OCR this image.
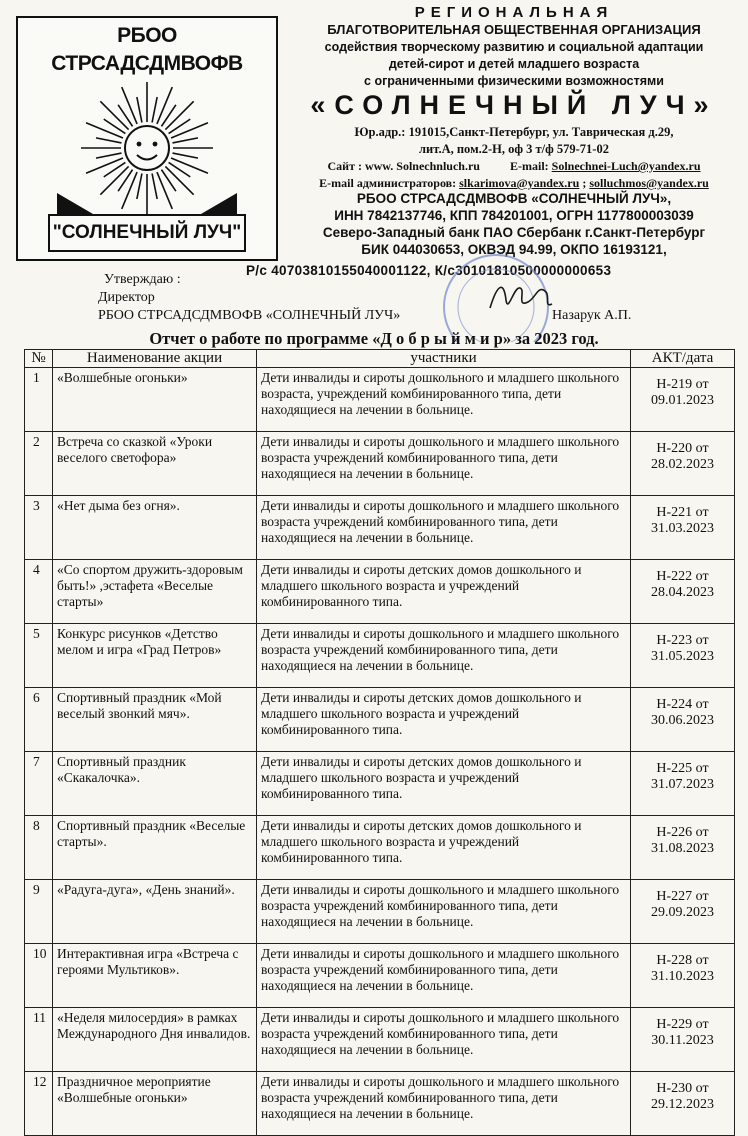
РБОО
СТРСАДСДМВОФВ
"СОЛНЕЧНЫЙ ЛУЧ"
РЕГИОНАЛЬНАЯ
БЛАГОТВОРИТЕЛЬНАЯ ОБЩЕСТВЕННАЯ ОРГАНИЗАЦИЯ
содействия творческому развитию и социальной адаптации
детей-сирот и детей младшего возраста
с ограниченными физическими возможностями
«СОЛНЕЧНЫЙ ЛУЧ»
Юр.адр.: 191015,Санкт-Петербург, ул. Таврическая д.29,
лит.А, пом.2-Н, оф 3 т/ф 579-71-02
Сайт : www. Solnechnluch.ru	E-mail: Solnechnei-Luch@yandex.ru
E-mail администраторов: slkarimova@yandex.ru ; solluchmos@yandex.ru
РБОО СТРСАДСДМВОФВ «СОЛНЕЧНЫЙ ЛУЧ»,
ИНН 7842137746, КПП 784201001, ОГРН 1177800003039
Северо-Западный банк ПАО Сбербанк г.Санкт-Петербург
БИК 044030653, ОКВЭД 94.99, ОКПО 16193121,
Р/с 40703810155040001122, К/с30101810500000000653
Утверждаю :
Директор
РБОО СТРСАДСДМВОФВ «СОЛНЕЧНЫЙ ЛУЧ»	Назарук А.П.
Отчет о работе по программе «Д о б р ы й м и р» за 2023 год.
№	Наименование акции	участники	АКТ/дата
1	«Волшебные огоньки»	Дети инвалиды и сироты дошкольного и младшего школьного возраста, учреждений комбинированного типа, дети находящиеся на лечении в больнице.	Н-219 от
09.01.2023

2	Встреча со сказкой «Уроки веселого светофора»	Дети инвалиды и сироты дошкольного и младшего школьного возраста учреждений комбинированного типа, дети находящиеся на лечении в больнице.	Н-220 от
28.02.2023

3	«Нет дыма без огня».	Дети инвалиды и сироты дошкольного и младшего школьного возраста учреждений комбинированного типа, дети находящиеся на лечении в больнице.	Н-221 от
31.03.2023

4	«Со спортом дружить-здоровым быть!» ,эстафета «Веселые старты»	Дети инвалиды и сироты детских домов дошкольного и младшего школьного возраста и учреждений комбинированного типа.	Н-222 от
28.04.2023

5	Конкурс рисунков «Детство мелом и игра «Град Петров»	Дети инвалиды и сироты дошкольного и младшего школьного возраста учреждений комбинированного типа, дети находящиеся на лечении в больнице.	Н-223 от
31.05.2023

6	Спортивный праздник «Мой веселый звонкий мяч».	Дети инвалиды и сироты детских домов дошкольного и младшего школьного возраста и учреждений комбинированного типа.	Н-224 от
30.06.2023

7	Спортивный праздник «Скакалочка».	Дети инвалиды и сироты детских домов дошкольного и младшего школьного возраста и учреждений комбинированного типа.	Н-225 от
31.07.2023

8	Спортивный праздник «Веселые старты».	Дети инвалиды и сироты детских домов дошкольного и младшего школьного возраста и учреждений комбинированного типа.	Н-226 от
31.08.2023

9	«Радуга-дуга», «День знаний».	Дети инвалиды и сироты дошкольного и младшего школьного возраста учреждений комбинированного типа, дети находящиеся на лечении в больнице.	Н-227 от
29.09.2023

10	Интерактивная игра «Встреча с героями Мультиков».	Дети инвалиды и сироты дошкольного и младшего школьного возраста учреждений комбинированного типа, дети находящиеся на лечении в больнице.	Н-228 от
31.10.2023

11	«Неделя милосердия» в рамках Международного Дня инвалидов.	Дети инвалиды и сироты дошкольного и младшего школьного возраста учреждений комбинированного типа, дети находящиеся на лечении в больнице.	Н-229 от
30.11.2023

12	Праздничное мероприятие «Волшебные огоньки»	Дети инвалиды и сироты дошкольного и младшего школьного возраста учреждений комбинированного типа, дети находящиеся на лечении в больнице.	Н-230 от
29.12.2023
